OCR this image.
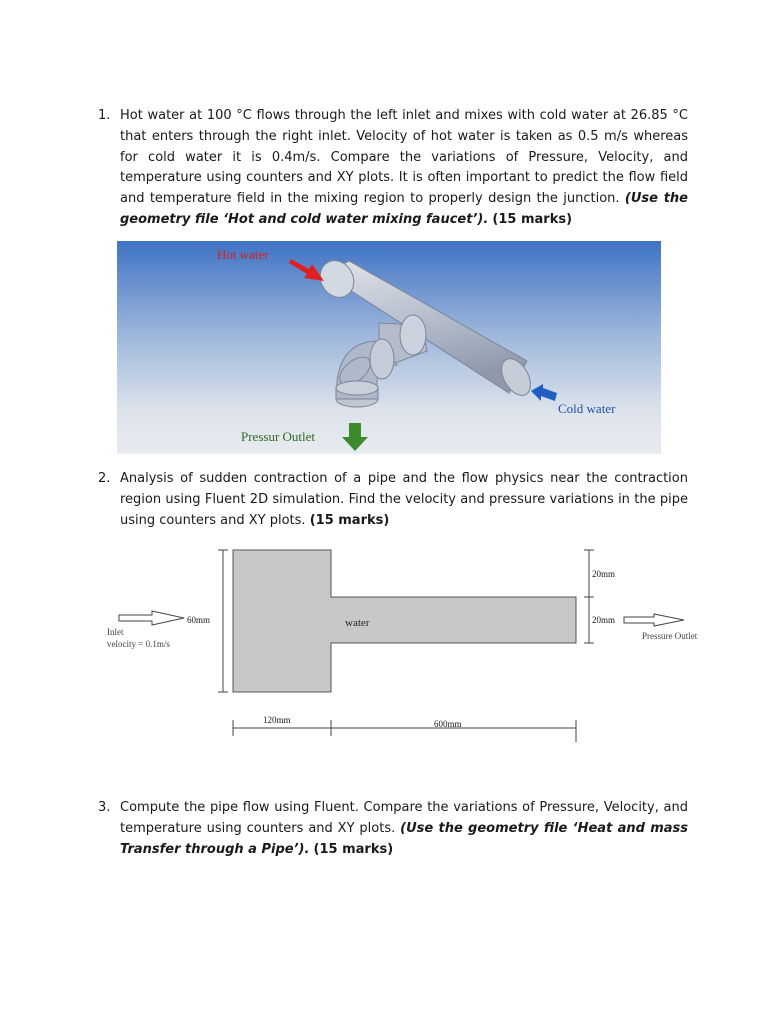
1. Hot water at 100 °C flows through the left inlet and mixes with cold water at 26.85 °C that enters through the right inlet. Velocity of hot water is taken as 0.5 m/s whereas for cold water it is 0.4m/s. Compare the variations of Pressure, Velocity, and temperature using counters and XY plots. It is often important to predict the flow field and temperature field in the mixing region to properly design the junction. (Use the geometry file ‘Hot and cold water mixing faucet’). (15 marks)
Hot water
Cold water
Pressur Outlet
2. Analysis of sudden contraction of a pipe and the flow physics near the contraction region using Fluent 2D simulation. Find the velocity and pressure variations in the pipe using counters and XY plots. (15 marks)
water
60mm
Inlet
velocity = 0.1m/s
20mm
20mm
Pressure Outlet
120mm	600mm
3. Compute the pipe flow using Fluent. Compare the variations of Pressure, Velocity, and temperature using counters and XY plots. (Use the geometry file ‘Heat and mass Transfer through a Pipe’). (15 marks)
